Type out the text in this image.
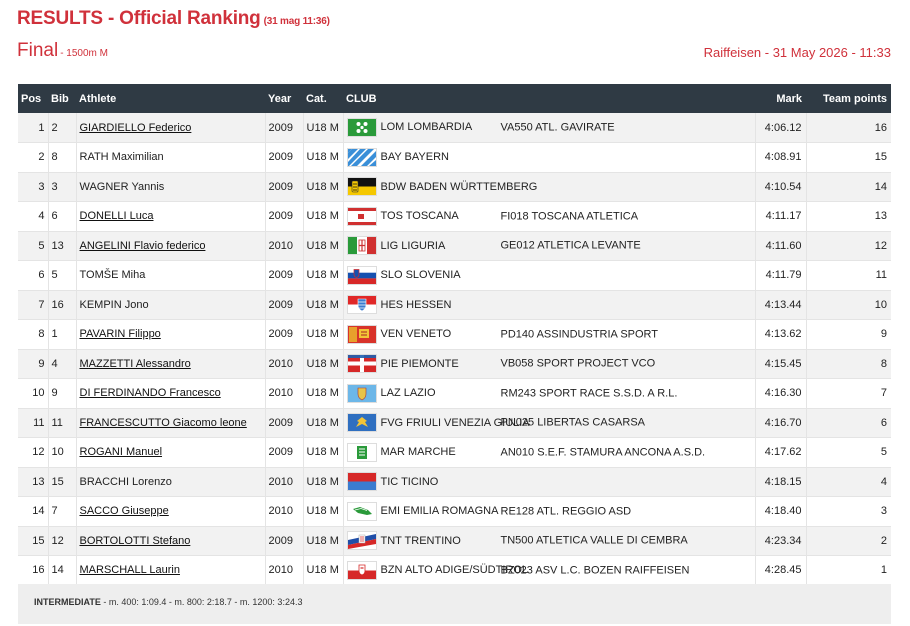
RESULTS - Official Ranking (31 mag 11:36)
Final - 1500m M	Raiffeisen - 31 May 2026 - 11:33
Pos	Bib	Athlete	Year	Cat.	CLUB	Mark	Team points
1	2	GIARDIELLO Federico	2009	U18 M	LOM LOMBARDIA VA550 ATL. GAVIRATE	4:06.12	16
2	8	RATH Maximilian	2009	U18 M	BAY BAYERN	4:08.91	15
3	3	WAGNER Yannis	2009	U18 M	BDW BADEN WÜRTTEMBERG	4:10.54	14
4	6	DONELLI Luca	2009	U18 M	TOS TOSCANA FI018 TOSCANA ATLETICA	4:11.17	13
5	13	ANGELINI Flavio federico	2010	U18 M	LIG LIGURIA GE012 ATLETICA LEVANTE	4:11.60	12
6	5	TOMŠE Miha	2009	U18 M	SLO SLOVENIA	4:11.79	11
7	16	KEMPIN Jono	2009	U18 M	HES HESSEN	4:13.44	10
8	1	PAVARIN Filippo	2009	U18 M	VEN VENETO PD140 ASSINDUSTRIA SPORT	4:13.62	9
9	4	MAZZETTI Alessandro	2010	U18 M	PIE PIEMONTE VB058 SPORT PROJECT VCO	4:15.45	8
10	9	DI FERDINANDO Francesco	2010	U18 M	LAZ LAZIO RM243 SPORT RACE S.S.D. A R.L.	4:16.30	7
11	11	FRANCESCUTTO Giacomo leone	2009	U18 M	FVG FRIULI VENEZIA GIULIAPN025 LIBERTAS CASARSA	4:16.70	6
12	10	ROGANI Manuel	2009	U18 M	MAR MARCHE AN010 S.E.F. STAMURA ANCONA A.S.D.	4:17.62	5
13	15	BRACCHI Lorenzo	2010	U18 M	TIC TICINO	4:18.15	4
14	7	SACCO Giuseppe	2010	U18 M	EMI EMILIA ROMAGNA RE128 ATL. REGGIO ASD	4:18.40	3
15	12	BORTOLOTTI Stefano	2009	U18 M	TNT TRENTINO TN500 ATLETICA VALLE DI CEMBRA	4:23.34	2
16	14	MARSCHALL Laurin	2010	U18 M	BZN ALTO ADIGE/SÜDTIROLBZ023 ASV L.C. BOZEN RAIFFEISEN	4:28.45	1
INTERMEDIATE - m. 400: 1:09.4 - m. 800: 2:18.7 - m. 1200: 3:24.3
